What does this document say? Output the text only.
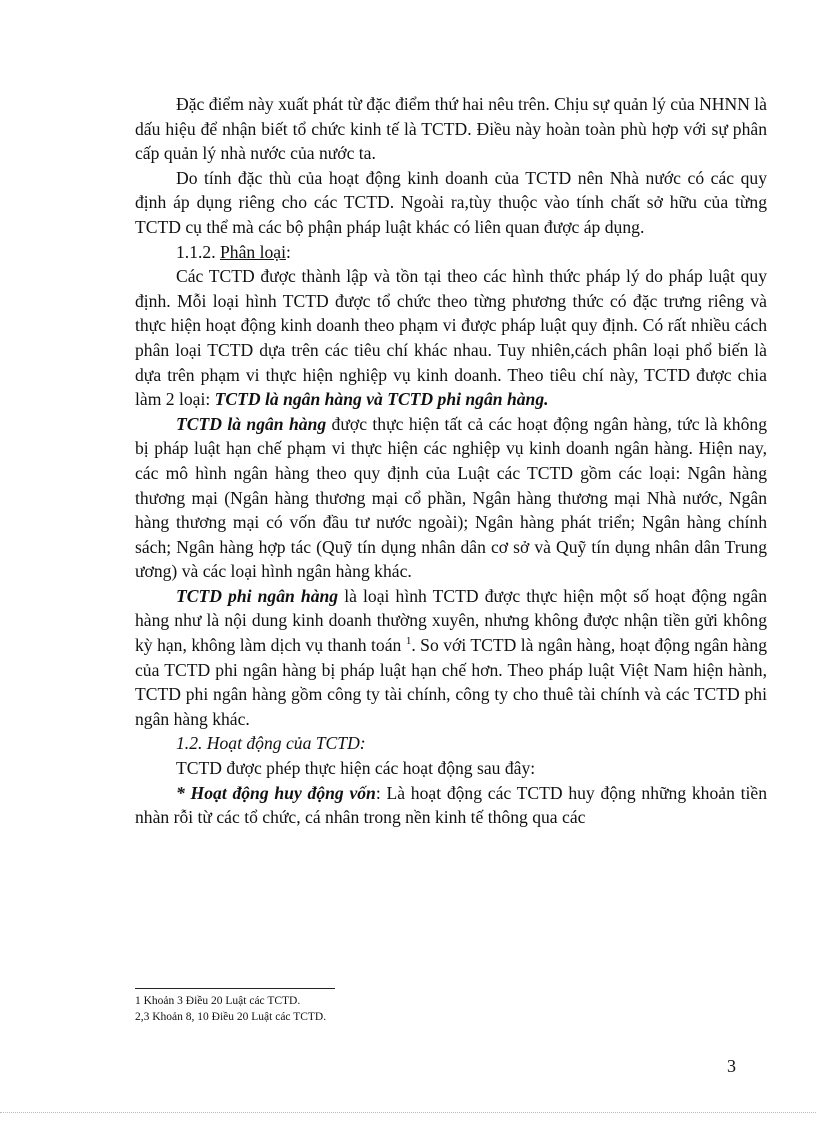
Đặc điểm này xuất phát từ đặc điểm thứ hai nêu trên. Chịu sự quản lý của NHNN là dấu hiệu để nhận biết tổ chức kinh tế là TCTD. Điều này hoàn toàn phù hợp với sự phân cấp quản lý nhà nước của nước ta.

Do tính đặc thù của hoạt động kinh doanh của TCTD nên Nhà nước có các quy định áp dụng riêng cho các TCTD. Ngoài ra,tùy thuộc vào tính chất sở hữu của từng TCTD cụ thể mà các bộ phận pháp luật khác có liên quan được áp dụng.

1.1.2. Phân loại:

Các TCTD được thành lập và tồn tại theo các hình thức pháp lý do pháp luật quy định. Mỗi loại hình TCTD được tổ chức theo từng phương thức có đặc trưng riêng và thực hiện hoạt động kinh doanh theo phạm vi được pháp luật quy định. Có rất nhiều cách phân loại TCTD dựa trên các tiêu chí khác nhau. Tuy nhiên,cách phân loại phổ biến là dựa trên phạm vi thực hiện nghiệp vụ kinh doanh. Theo tiêu chí này, TCTD được chia làm 2 loại: TCTD là ngân hàng và TCTD phi ngân hàng.

TCTD là ngân hàng được thực hiện tất cả các hoạt động ngân hàng, tức là không bị pháp luật hạn chế phạm vi thực hiện các nghiệp vụ kinh doanh ngân hàng. Hiện nay, các mô hình ngân hàng theo quy định của Luật các TCTD gồm các loại: Ngân hàng thương mại (Ngân hàng thương mại cổ phần, Ngân hàng thương mại Nhà nước, Ngân hàng thương mại có vốn đầu tư nước ngoài); Ngân hàng phát triển; Ngân hàng chính sách; Ngân hàng hợp tác (Quỹ tín dụng nhân dân cơ sở và Quỹ tín dụng nhân dân Trung ương) và các loại hình ngân hàng khác.

TCTD phi ngân hàng là loại hình TCTD được thực hiện một số hoạt động ngân hàng như là nội dung kinh doanh thường xuyên, nhưng không được nhận tiền gửi không kỳ hạn, không làm dịch vụ thanh toán $^1$. So với TCTD là ngân hàng, hoạt động ngân hàng của TCTD phi ngân hàng bị pháp luật hạn chế hơn. Theo pháp luật Việt Nam hiện hành, TCTD phi ngân hàng gồm công ty tài chính, công ty cho thuê tài chính và các TCTD phi ngân hàng khác.

1.2. Hoạt động của TCTD:

TCTD được phép thực hiện các hoạt động sau đây:

* Hoạt động huy động vốn: Là hoạt động các TCTD huy động những khoản tiền nhàn rỗi từ các tổ chức, cá nhân trong nền kinh tế thông qua các

1 Khoản 3 Điều 20 Luật các TCTD.
2,3 Khoản 8, 10 Điều 20 Luật các TCTD.
3
